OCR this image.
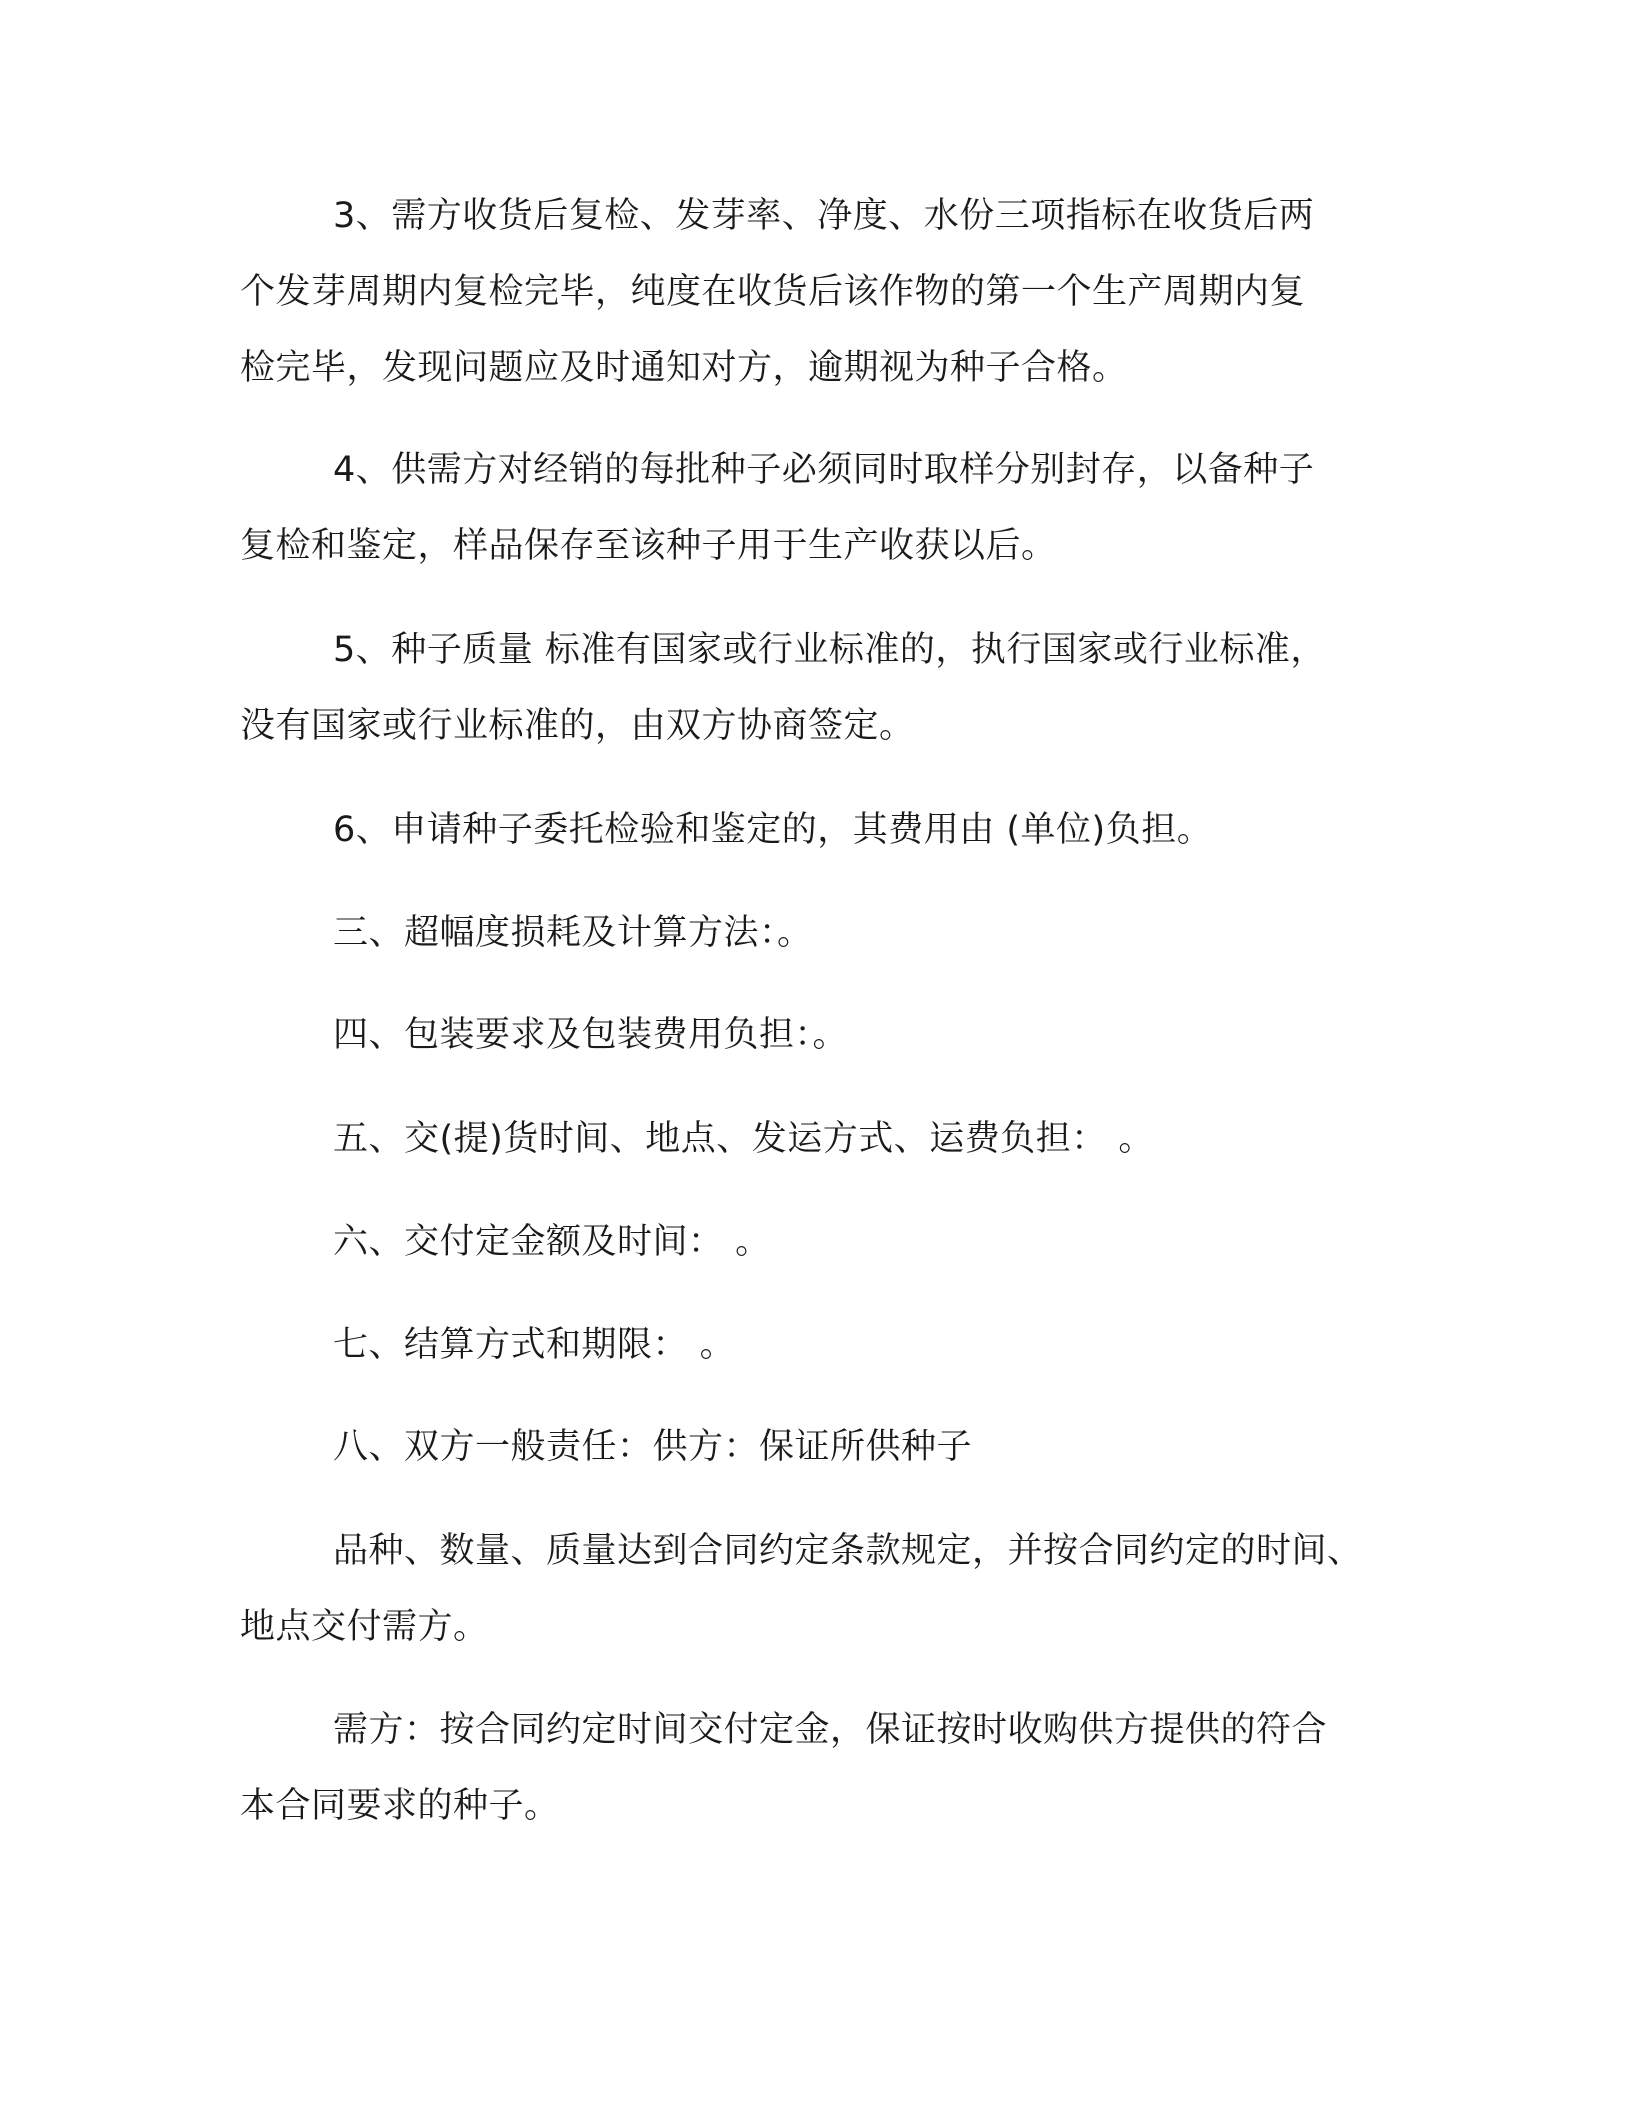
3、需方收货后复检、发芽率、净度、水份三项指标在收货后两
个发芽周期内复检完毕，纯度在收货后该作物的第一个生产周期内复
检完毕，发现问题应及时通知对方，逾期视为种子合格。
4、供需方对经销的每批种子必须同时取样分别封存，以备种子
复检和鉴定，样品保存至该种子用于生产收获以后。
5、种子质量 标准有国家或行业标准的，执行国家或行业标准，
没有国家或行业标准的，由双方协商签定。
6、申请种子委托检验和鉴定的，其费用由 (单位)负担。
三、超幅度损耗及计算方法：。
四、包装要求及包装费用负担：。
五、交(提)货时间、地点、发运方式、运费负担： 。
六、交付定金额及时间： 。
七、结算方式和期限： 。
八、双方一般责任：供方：保证所供种子
品种、数量、质量达到合同约定条款规定，并按合同约定的时间、
地点交付需方。
需方：按合同约定时间交付定金，保证按时收购供方提供的符合
本合同要求的种子。
